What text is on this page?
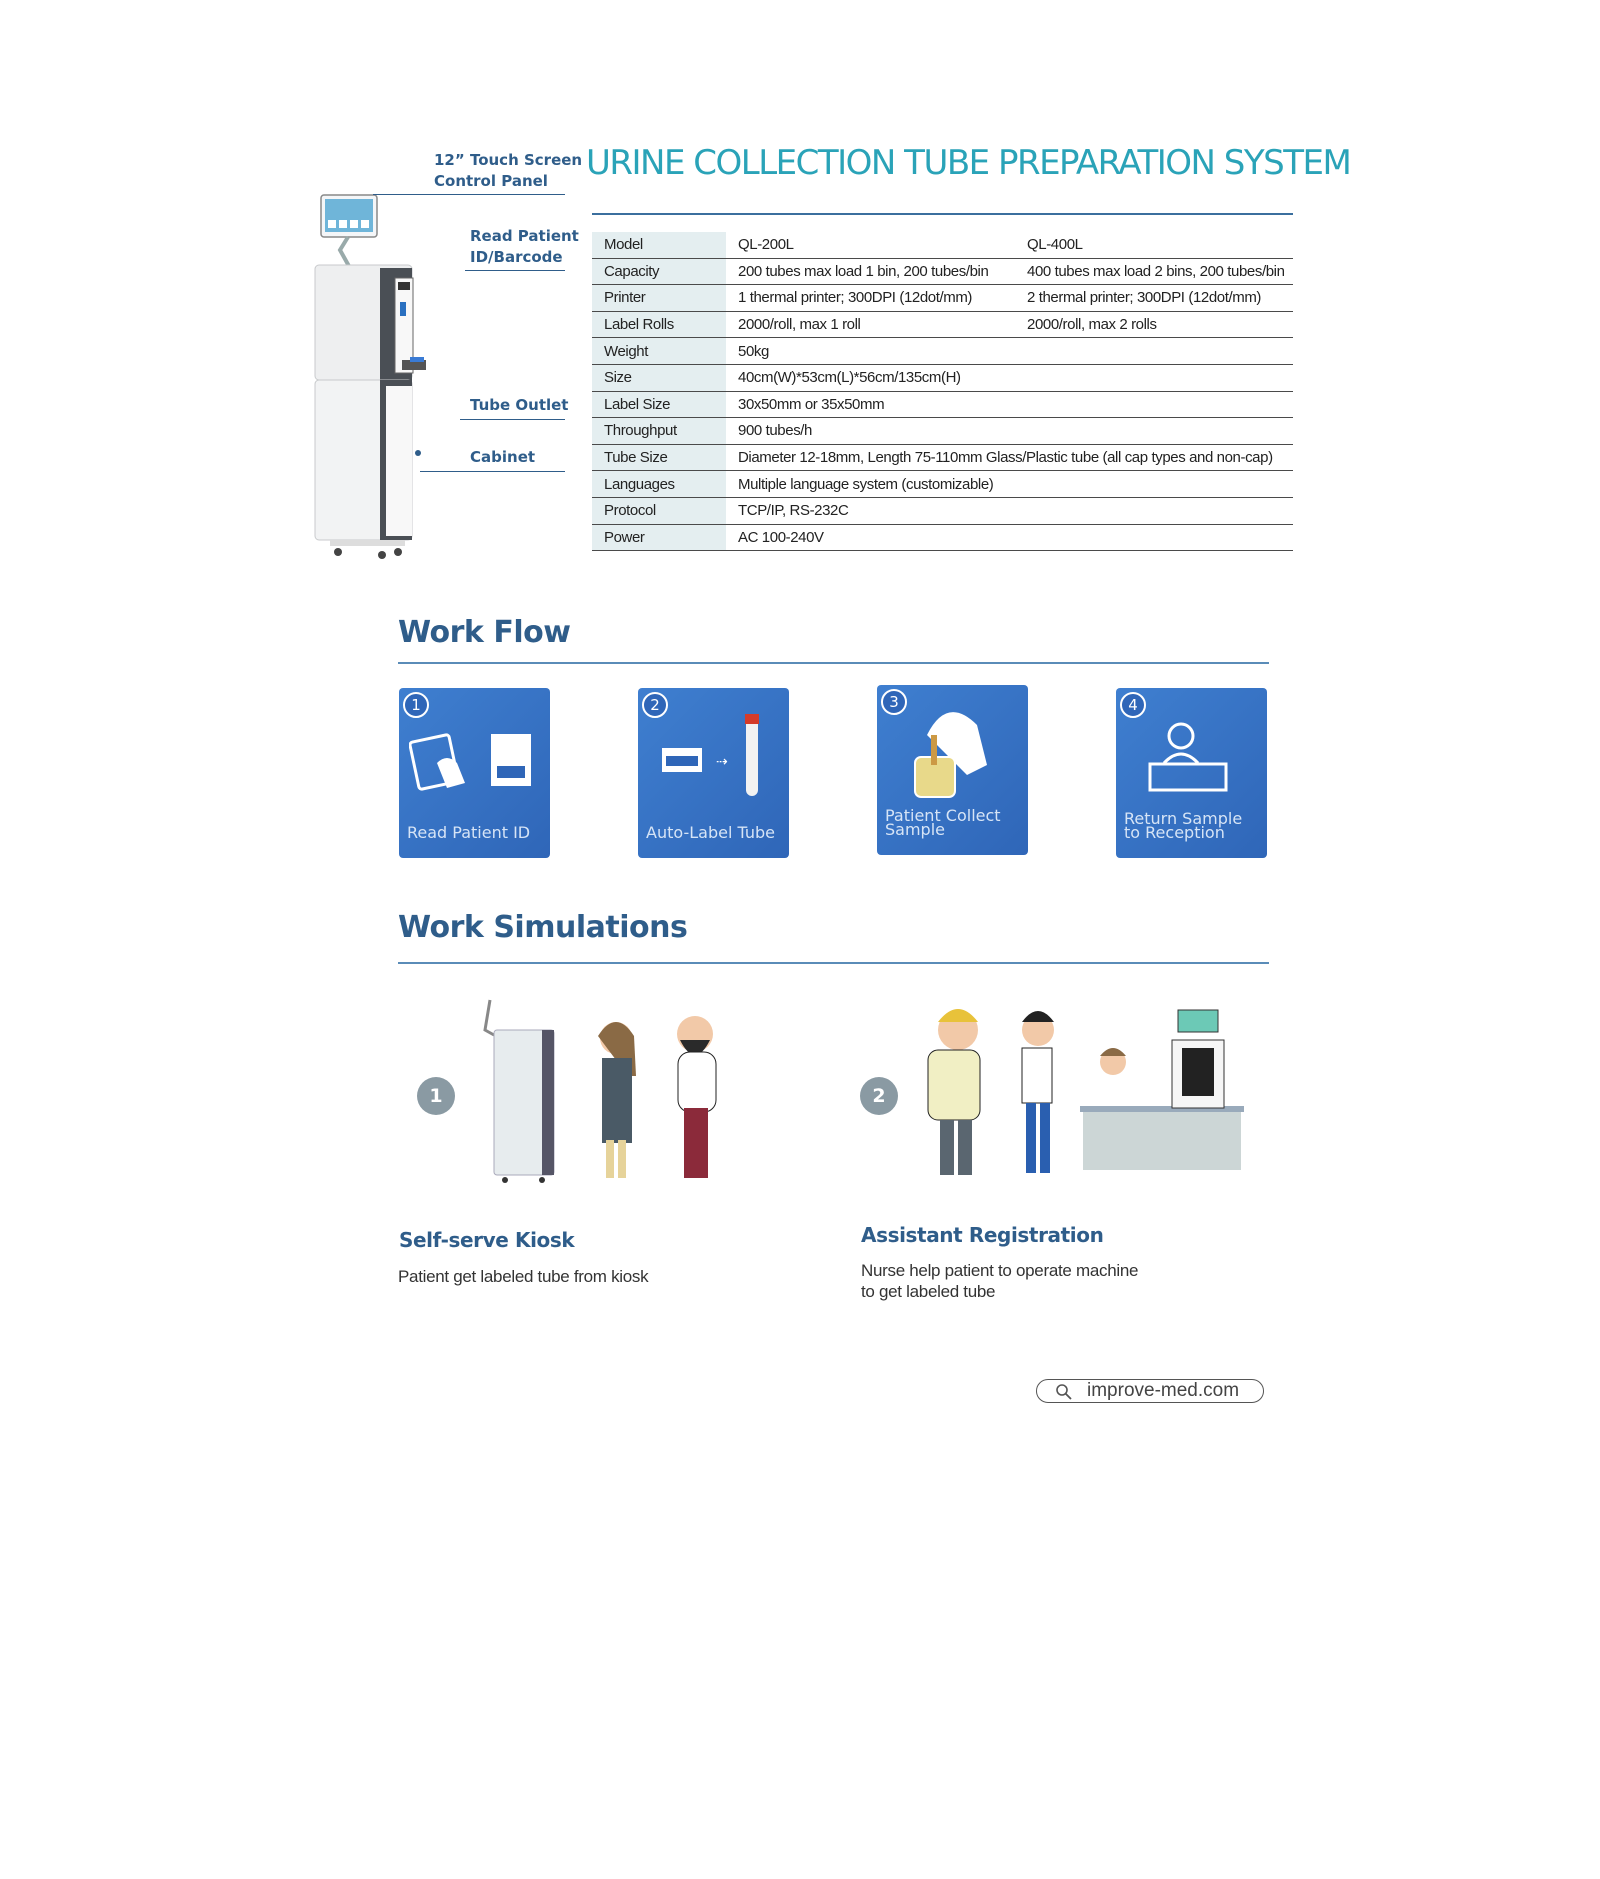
12” Touch Screen
Control Panel
Read Patient
ID/Barcode
Tube Outlet
Cabinet
URINE COLLECTION TUBE PREPARATION SYSTEM
Model	QL-200L	QL-400L
Capacity	200 tubes max load 1 bin, 200 tubes/bin	400 tubes max load 2 bins, 200 tubes/bin
Printer	1 thermal printer; 300DPI (12dot/mm)	2 thermal printer; 300DPI (12dot/mm)
Label Rolls	2000/roll, max 1 roll	2000/roll, max 2 rolls
Weight	50kg	
Size	40cm(W)*53cm(L)*56cm/135cm(H)	
Label Size	30x50mm or 35x50mm	
Throughput	900 tubes/h	
Tube Size	Diameter 12-18mm, Length 75-110mm Glass/Plastic tube (all cap types and non-cap)	
Languages	Multiple language system (customizable)	
Protocol	TCP/IP, RS-232C	
Power	AC 100-240V	
Work Flow
1
Read Patient ID
2
⇢
Auto-Label Tube
3
Patient Collect Sample
4
Return Sample to Reception
Work Simulations
1	2
Self-serve Kiosk
Patient get labeled tube from kiosk
Assistant Registration
Nurse help patient to operate machine
to get labeled tube
improve-med.com
